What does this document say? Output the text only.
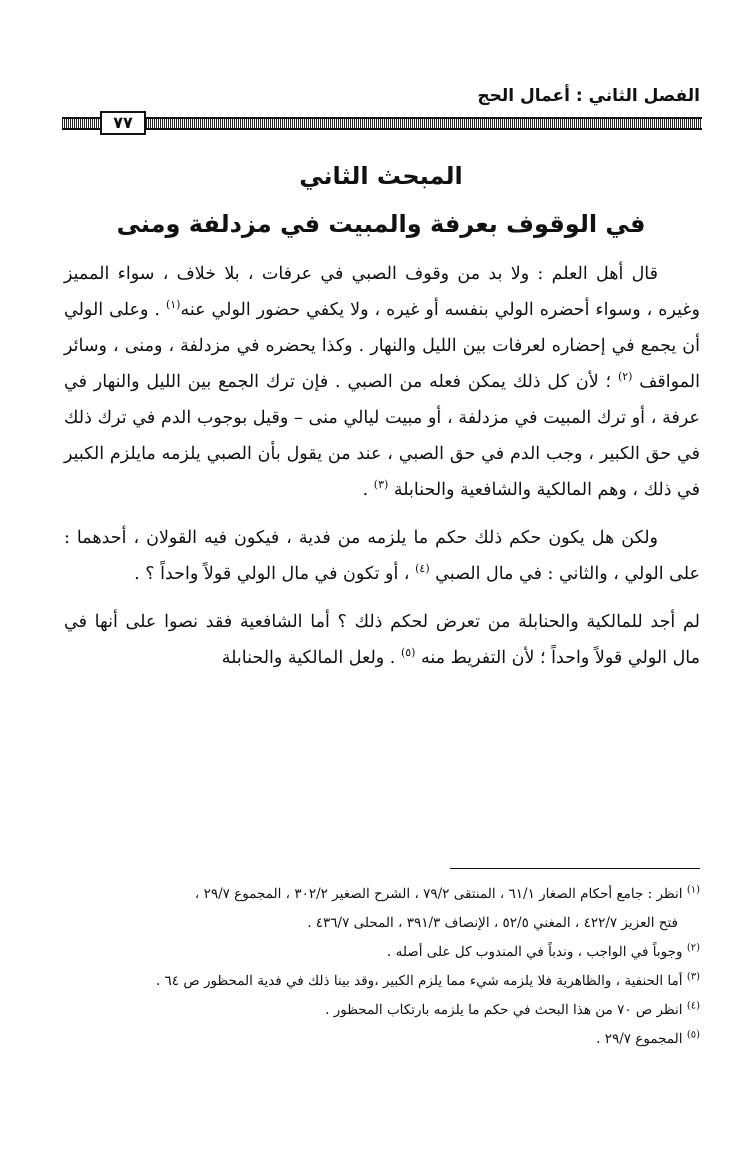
الفصل الثاني : أعمال الحج
٧٧
المبحث الثاني
في الوقوف بعرفة والمبيت في مزدلفة ومنى

قال أهل العلم : ولا بد من وقوف الصبي في عرفات ، بلا خلاف ، سواء المميز وغيره ، وسواء أحضره الولي بنفسه أو غيره ، ولا يكفي حضور الولي عنه$^{(١)}$ . وعلى الولي أن يجمع في إحضاره لعرفات بين الليل والنهار . وكذا يحضره في مزدلفة ، ومنى ، وسائر المواقف $^{(٢)}$ ؛ لأن كل ذلك يمكن فعله من الصبي . فإن ترك الجمع بين الليل والنهار في عرفة ، أو ترك المبيت في مزدلفة ، أو مبيت ليالي منى – وقيل بوجوب الدم في ترك ذلك في حق الكبير ، وجب الدم في حق الصبي ، عند من يقول بأن الصبي يلزمه مايلزم الكبير في ذلك ، وهم المالكية والشافعية والحنابلة $^{(٣)}$ .

ولكن هل يكون حكم ذلك حكم ما يلزمه من فدية ، فيكون فيه القولان ، أحدهما : على الولي ، والثاني : في مال الصبي $^{(٤)}$ ، أو تكون في مال الولي قولاً واحداً ؟ .

لم أجد للمالكية والحنابلة من تعرض لحكم ذلك ؟ أما الشافعية فقد نصوا على أنها في مال الولي قولاً واحداً ؛ لأن التفريط منه $^{(٥)}$ . ولعل المالكية والحنابلة

$^{(١)}$ انظر : جامع أحكام الصغار ٦١/١ ، المنتقى ٧٩/٢ ، الشرح الصغير ٣٠٢/٢ ، المجموع ٢٩/٧ ،

فتح العزيز ٤٢٢/٧ ، المغني ٥٢/٥ ، الإنصاف ٣٩١/٣ ، المحلى ٤٣٦/٧ .

$^{(٢)}$ وجوباً في الواجب ، وندباً في المندوب كل على أصله .

$^{(٣)}$ أما الحنفية ، والظاهرية فلا يلزمه شيء مما يلزم الكبير ،وقد بينا ذلك في فدية المحظور ص ٦٤ .

$^{(٤)}$ انظر ص ٧٠ من هذا البحث في حكم ما يلزمه بارتكاب المحظور .

$^{(٥)}$ المجموع ٢٩/٧ .
